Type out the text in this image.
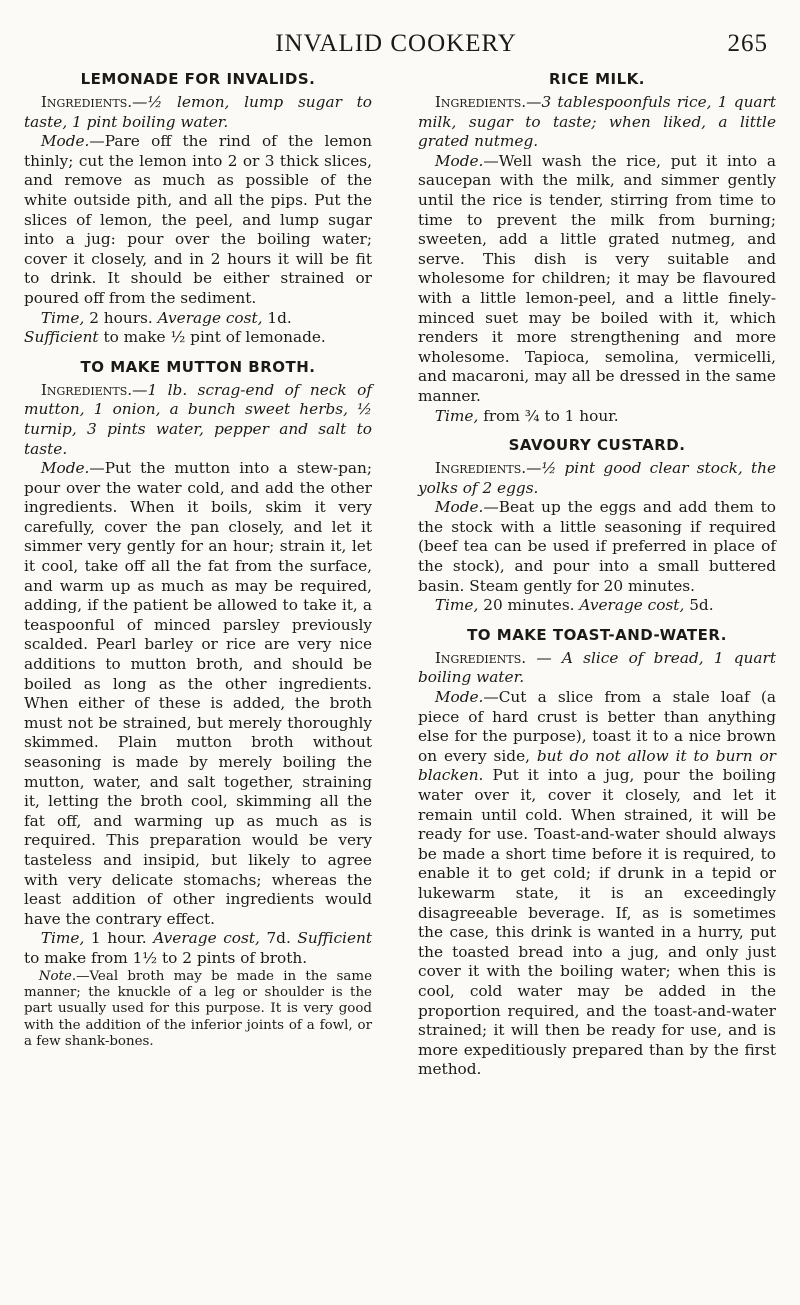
INVALID COOKERY	265
LEMONADE FOR INVALIDS.

Ingredients.—½ lemon, lump sugar to taste, 1 pint boiling water.

Mode.—Pare off the rind of the lemon thinly; cut the lemon into 2 or 3 thick slices, and remove as much as possible of the white outside pith, and all the pips. Put the slices of lemon, the peel, and lump sugar into a jug: pour over the boiling water; cover it closely, and in 2 hours it will be fit to drink. It should be either strained or poured off from the sediment.

Time, 2 hours. Average cost, 1d.

Sufficient to make ½ pint of lemonade.

TO MAKE MUTTON BROTH.

Ingredients.—1 lb. scrag-end of neck of mutton, 1 onion, a bunch sweet herbs, ½ turnip, 3 pints water, pepper and salt to taste.

Mode.—Put the mutton into a stew-pan; pour over the water cold, and add the other ingredients. When it boils, skim it very carefully, cover the pan closely, and let it simmer very gently for an hour; strain it, let it cool, take off all the fat from the surface, and warm up as much as may be required, adding, if the patient be allowed to take it, a teaspoonful of minced parsley previously scalded. Pearl barley or rice are very nice additions to mutton broth, and should be boiled as long as the other ingredients. When either of these is added, the broth must not be strained, but merely thoroughly skimmed. Plain mutton broth without seasoning is made by merely boiling the mutton, water, and salt together, straining it, letting the broth cool, skimming all the fat off, and warming up as much as is required. This preparation would be very tasteless and insipid, but likely to agree with very delicate stomachs; whereas the least addition of other ingredients would have the contrary effect.

Time, 1 hour. Average cost, 7d. Sufficient to make from 1½ to 2 pints of broth.

Note.—Veal broth may be made in the same manner; the knuckle of a leg or shoulder is the part usually used for this purpose. It is very good with the addition of the inferior joints of a fowl, or a few shank-bones.

RICE MILK.

Ingredients.—3 tablespoonfuls rice, 1 quart milk, sugar to taste; when liked, a little grated nutmeg.

Mode.—Well wash the rice, put it into a saucepan with the milk, and simmer gently until the rice is tender, stirring from time to time to prevent the milk from burning; sweeten, add a little grated nutmeg, and serve. This dish is very suitable and wholesome for children; it may be flavoured with a little lemon-peel, and a little finely-minced suet may be boiled with it, which renders it more strengthening and more wholesome. Tapioca, semolina, vermicelli, and macaroni, may all be dressed in the same manner.

Time, from ¾ to 1 hour.

SAVOURY CUSTARD.

Ingredients.—½ pint good clear stock, the yolks of 2 eggs.

Mode.—Beat up the eggs and add them to the stock with a little seasoning if required (beef tea can be used if preferred in place of the stock), and pour into a small buttered basin. Steam gently for 20 minutes.

Time, 20 minutes. Average cost, 5d.

TO MAKE TOAST-AND-WATER.

Ingredients. — A slice of bread, 1 quart boiling water.

Mode.—Cut a slice from a stale loaf (a piece of hard crust is better than anything else for the purpose), toast it to a nice brown on every side, but do not allow it to burn or blacken. Put it into a jug, pour the boiling water over it, cover it closely, and let it remain until cold. When strained, it will be ready for use. Toast-and-water should always be made a short time before it is required, to enable it to get cold; if drunk in a tepid or lukewarm state, it is an exceedingly disagreeable beverage. If, as is sometimes the case, this drink is wanted in a hurry, put the toasted bread into a jug, and only just cover it with the boiling water; when this is cool, cold water may be added in the proportion required, and the toast-and-water strained; it will then be ready for use, and is more expeditiously prepared than by the first method.
